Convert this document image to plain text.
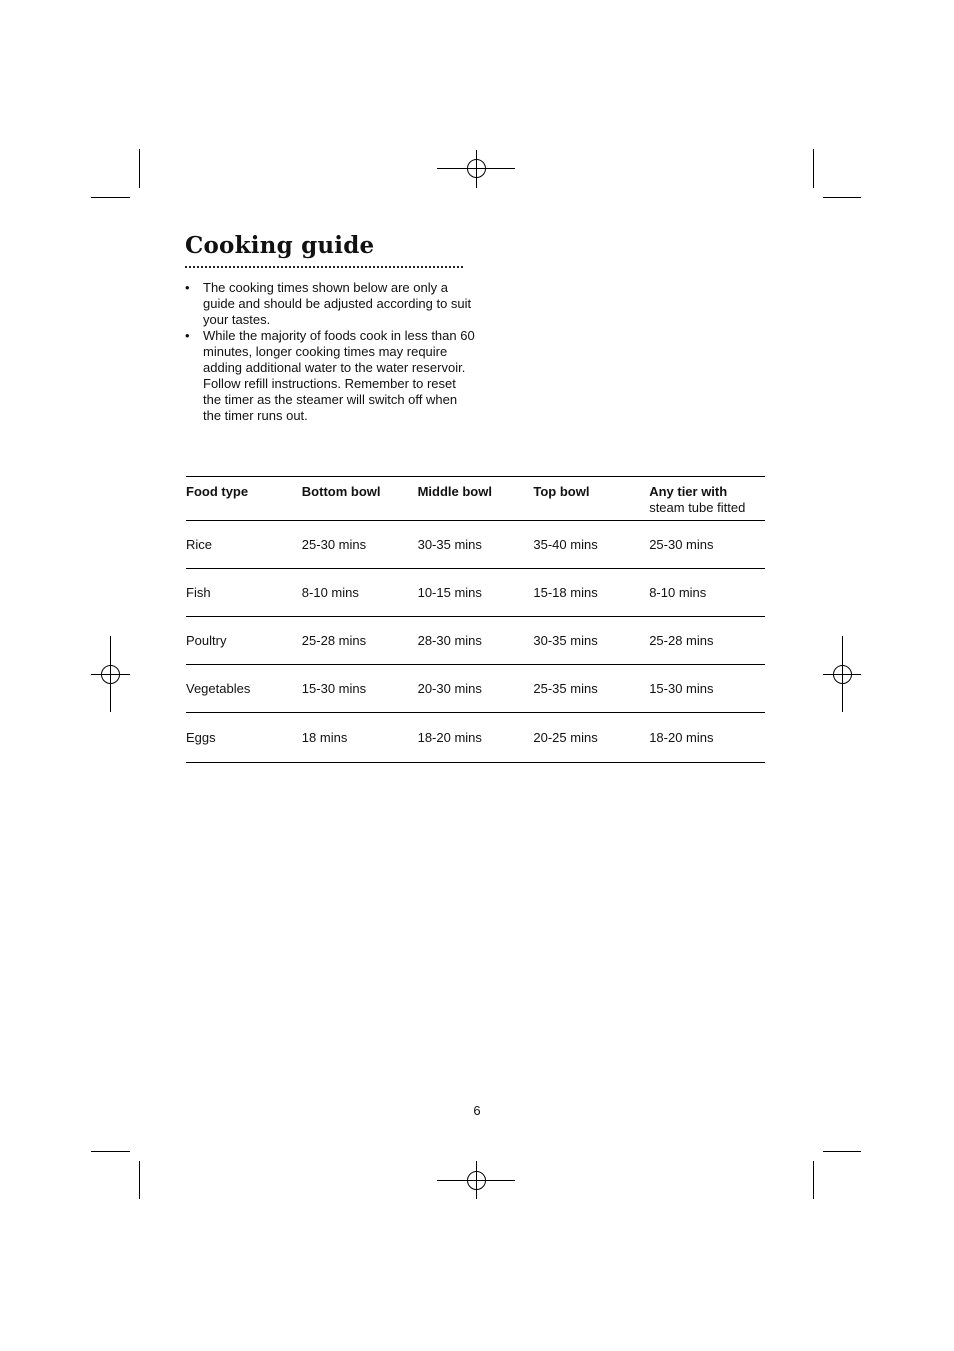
Cooking guide
• The cooking times shown below are only a guide and should be adjusted according to suit your tastes.
• While the majority of foods cook in less than 60 minutes, longer cooking times may require adding additional water to the water reservoir. Follow refill instructions. Remember to reset the timer as the steamer will switch off when the timer runs out.
Food type	Bottom bowl	Middle bowl	Top bowl	Any tier with
steam tube fitted

Rice	25-30 mins	30-35 mins	35-40 mins	25-30 mins
Fish	8-10 mins	10-15 mins	15-18 mins	8-10 mins
Poultry	25-28 mins	28-30 mins	30-35 mins	25-28 mins
Vegetables	15-30 mins	20-30 mins	25-35 mins	15-30 mins
Eggs	18 mins	18-20 mins	20-25 mins	18-20 mins
6
